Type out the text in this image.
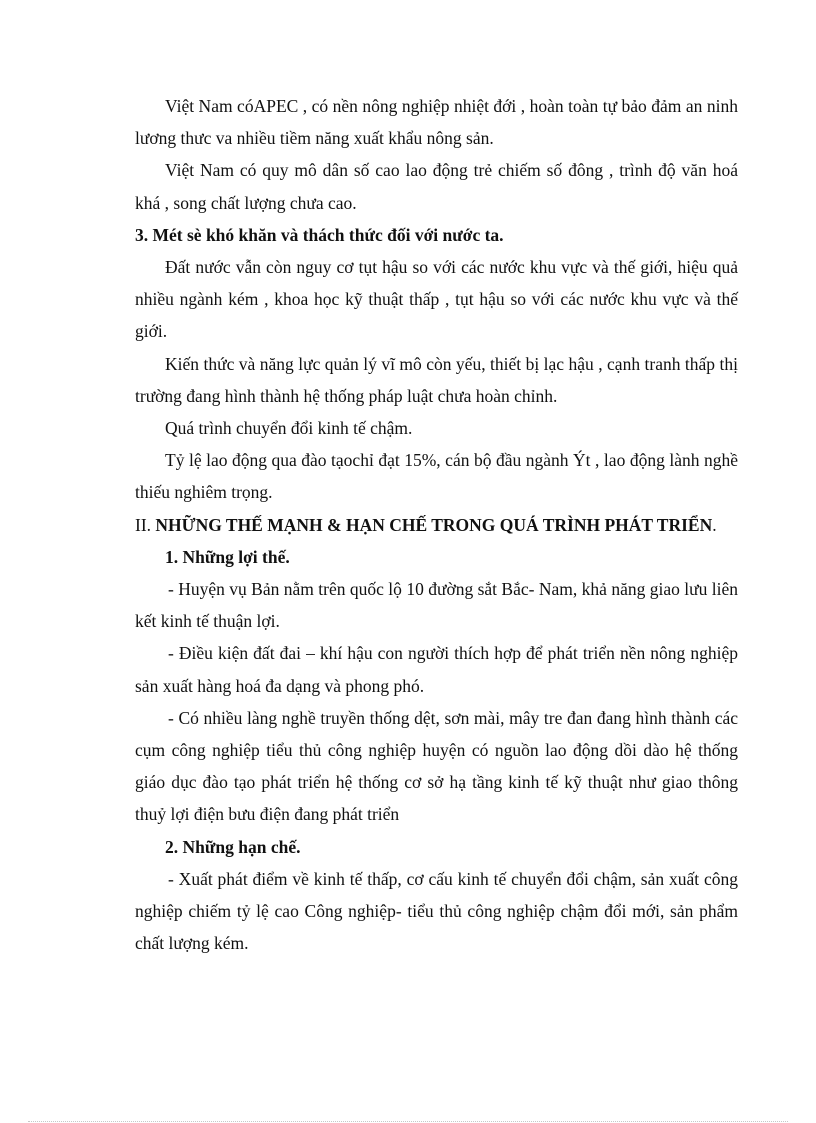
Việt Nam cóAPEC , có nền nông nghiệp nhiệt đới , hoàn toàn tự bảo đảm an ninh lương thưc va nhiều tiềm năng xuất khẩu nông sản.

Việt Nam có quy mô dân số cao lao động trẻ chiếm số đông , trình độ văn hoá khá , song chất lượng chưa cao.

3. Mét sè khó khăn và thách thức đối với nước ta.

Đất nước vẫn còn nguy cơ tụt hậu so với các nước khu vực và thế giới, hiệu quả nhiều ngành kém , khoa học kỹ thuật thấp , tụt hậu so với các nước khu vực và thế giới.

Kiến thức và năng lực quản lý vĩ mô còn yếu, thiết bị lạc hậu , cạnh tranh thấp thị trường đang hình thành hệ thống pháp luật chưa hoàn chỉnh.

Quá trình chuyển đổi kinh tế chậm.

Tỷ lệ lao động qua đào tạochỉ đạt 15%, cán bộ đầu ngành Ýt , lao động lành nghề thiếu nghiêm trọng.

II. NHỮNG THẾ MẠNH & HẠN CHẾ TRONG QUÁ TRÌNH PHÁT TRIỂN.

1. Những lợi thế.

- Huyện vụ Bản nằm trên quốc lộ 10 đường sắt Bắc- Nam, khả năng giao lưu liên kết kinh tế thuận lợi.

- Điều kiện đất đai – khí hậu con người thích hợp để phát triển nền nông nghiệp sản xuất hàng hoá đa dạng và phong phó.

- Có nhiều làng nghề truyền thống dệt, sơn mài, mây tre đan đang hình thành các cụm công nghiệp tiểu thủ công nghiệp huyện có nguồn lao động dồi dào hệ thống giáo dục đào tạo phát triển hệ thống cơ sở hạ tầng kinh tế kỹ thuật như giao thông thuỷ lợi điện bưu điện đang phát triển

2. Những hạn chế.

- Xuất phát điểm về kinh tế thấp, cơ cấu kinh tế chuyển đổi chậm, sản xuất công nghiệp chiếm tỷ lệ cao Công nghiệp- tiểu thủ công nghiệp chậm đổi mới, sản phẩm chất lượng kém.
